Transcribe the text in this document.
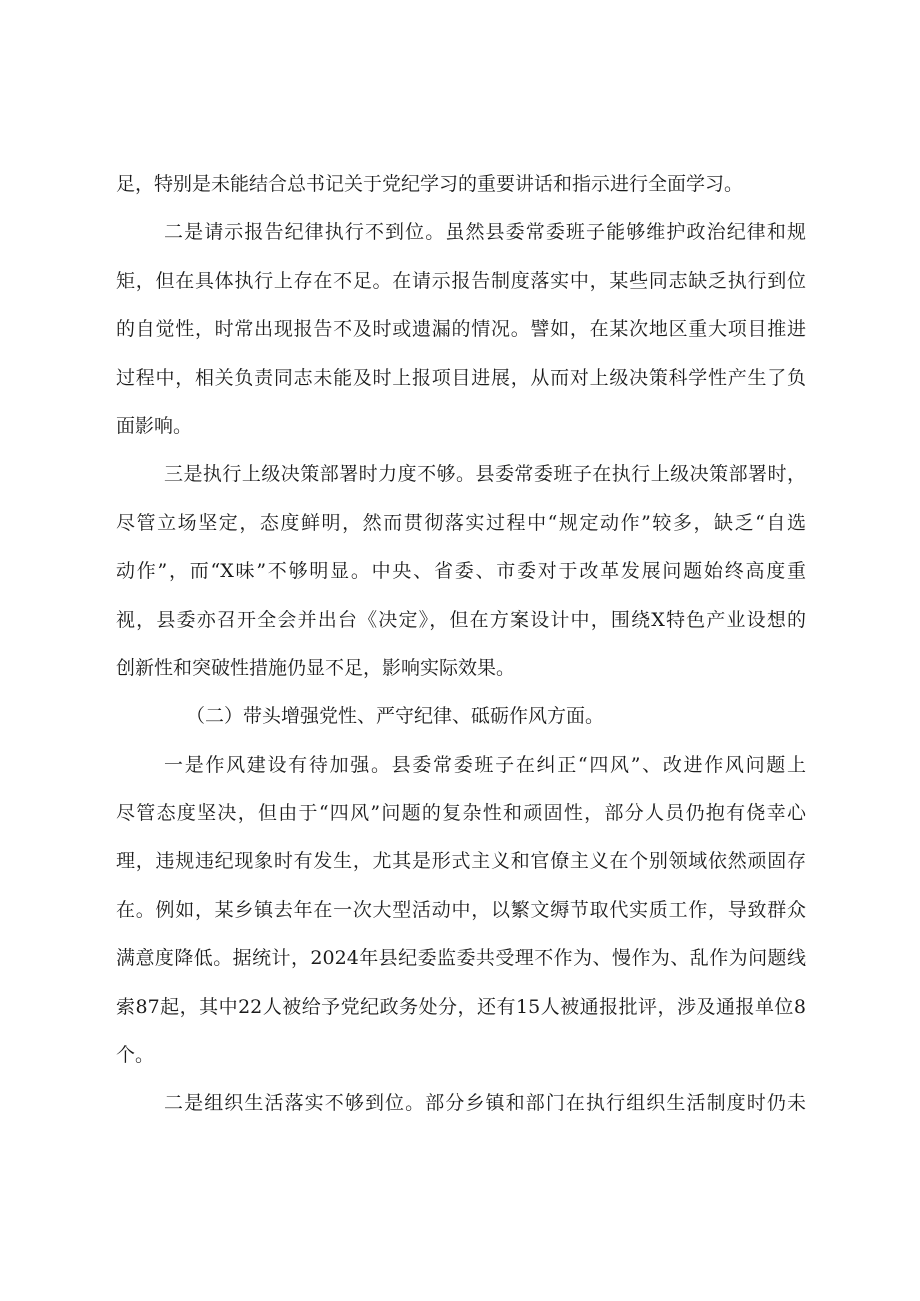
足，特别是未能结合总书记关于党纪学习的重要讲话和指示进行全面学习。
二是请示报告纪律执行不到位。虽然县委常委班子能够维护政治纪律和规
矩，但在具体执行上存在不足。在请示报告制度落实中，某些同志缺乏执行到位
的自觉性，时常出现报告不及时或遗漏的情况。譬如，在某次地区重大项目推进
过程中，相关负责同志未能及时上报项目进展，从而对上级决策科学性产生了负
面影响。
三是执行上级决策部署时力度不够。县委常委班子在执行上级决策部署时，
尽管立场坚定，态度鲜明，然而贯彻落实过程中“规定动作”较多，缺乏“自选
动作”，而“X味”不够明显。中央、省委、市委对于改革发展问题始终高度重
视，县委亦召开全会并出台《决定》，但在方案设计中，围绕X特色产业设想的
创新性和突破性措施仍显不足，影响实际效果。
（二）带头增强党性、严守纪律、砥砺作风方面。
一是作风建设有待加强。县委常委班子在纠正“四风”、改进作风问题上
尽管态度坚决，但由于“四风”问题的复杂性和顽固性，部分人员仍抱有侥幸心
理，违规违纪现象时有发生，尤其是形式主义和官僚主义在个别领域依然顽固存
在。例如，某乡镇去年在一次大型活动中，以繁文缛节取代实质工作，导致群众
满意度降低。据统计，2024年县纪委监委共受理不作为、慢作为、乱作为问题线
索87起，其中22人被给予党纪政务处分，还有15人被通报批评，涉及通报单位8
个。
二是组织生活落实不够到位。部分乡镇和部门在执行组织生活制度时仍未
